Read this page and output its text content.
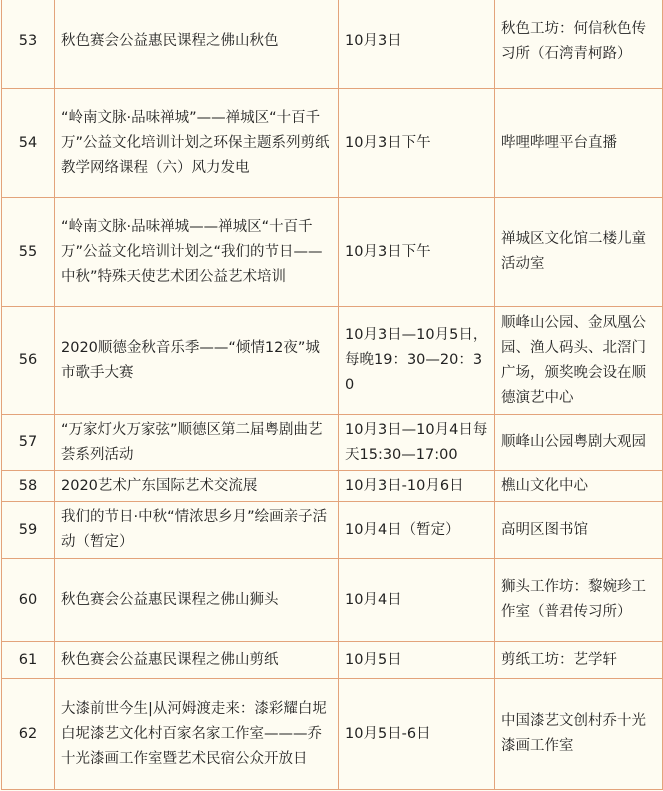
53	秋色赛会公益惠民课程之佛山秋色	10月3日	秋色工坊：何信秋色传习所（石湾青柯路）
54	“岭南文脉·品味禅城”——禅城区“十百千万”公益文化培训计划之环保主题系列剪纸教学网络课程（六）风力发电	10月3日下午	哔哩哔哩平台直播
55	“岭南文脉·品味禅城——禅城区“十百千万”公益文化培训计划之“我们的节日——中秋”特殊天使艺术团公益艺术培训	10月3日下午	禅城区文化馆二楼儿童活动室
56	2020顺德金秋音乐季——“倾情12夜”城市歌手大赛	10月3日—10月5日，每晚19：30—20：30	顺峰山公园、金凤凰公园、渔人码头、北滘门广场，颁奖晚会设在顺德演艺中心
57	“万家灯火万家弦”顺德区第二届粤剧曲艺荟系列活动	10月3日—10月4日每天15:30—17:00	顺峰山公园粤剧大观园
58	2020艺术广东国际艺术交流展	10月3日-10月6日	樵山文化中心
59	我们的节日·中秋“情浓思乡月”绘画亲子活动（暂定）	10月4日（暂定）	高明区图书馆
60	秋色赛会公益惠民课程之佛山狮头	10月4日	狮头工作坊：黎婉珍工作室（普君传习所）
61	秋色赛会公益惠民课程之佛山剪纸	10月5日	剪纸工坊：艺学轩
62	大漆前世今生|从河姆渡走来：漆彩耀白坭 白坭漆艺文化村百家名家工作室———乔十光漆画工作室暨艺术民宿公众开放日	10月5日-6日	中国漆艺文创村乔十光漆画工作室
